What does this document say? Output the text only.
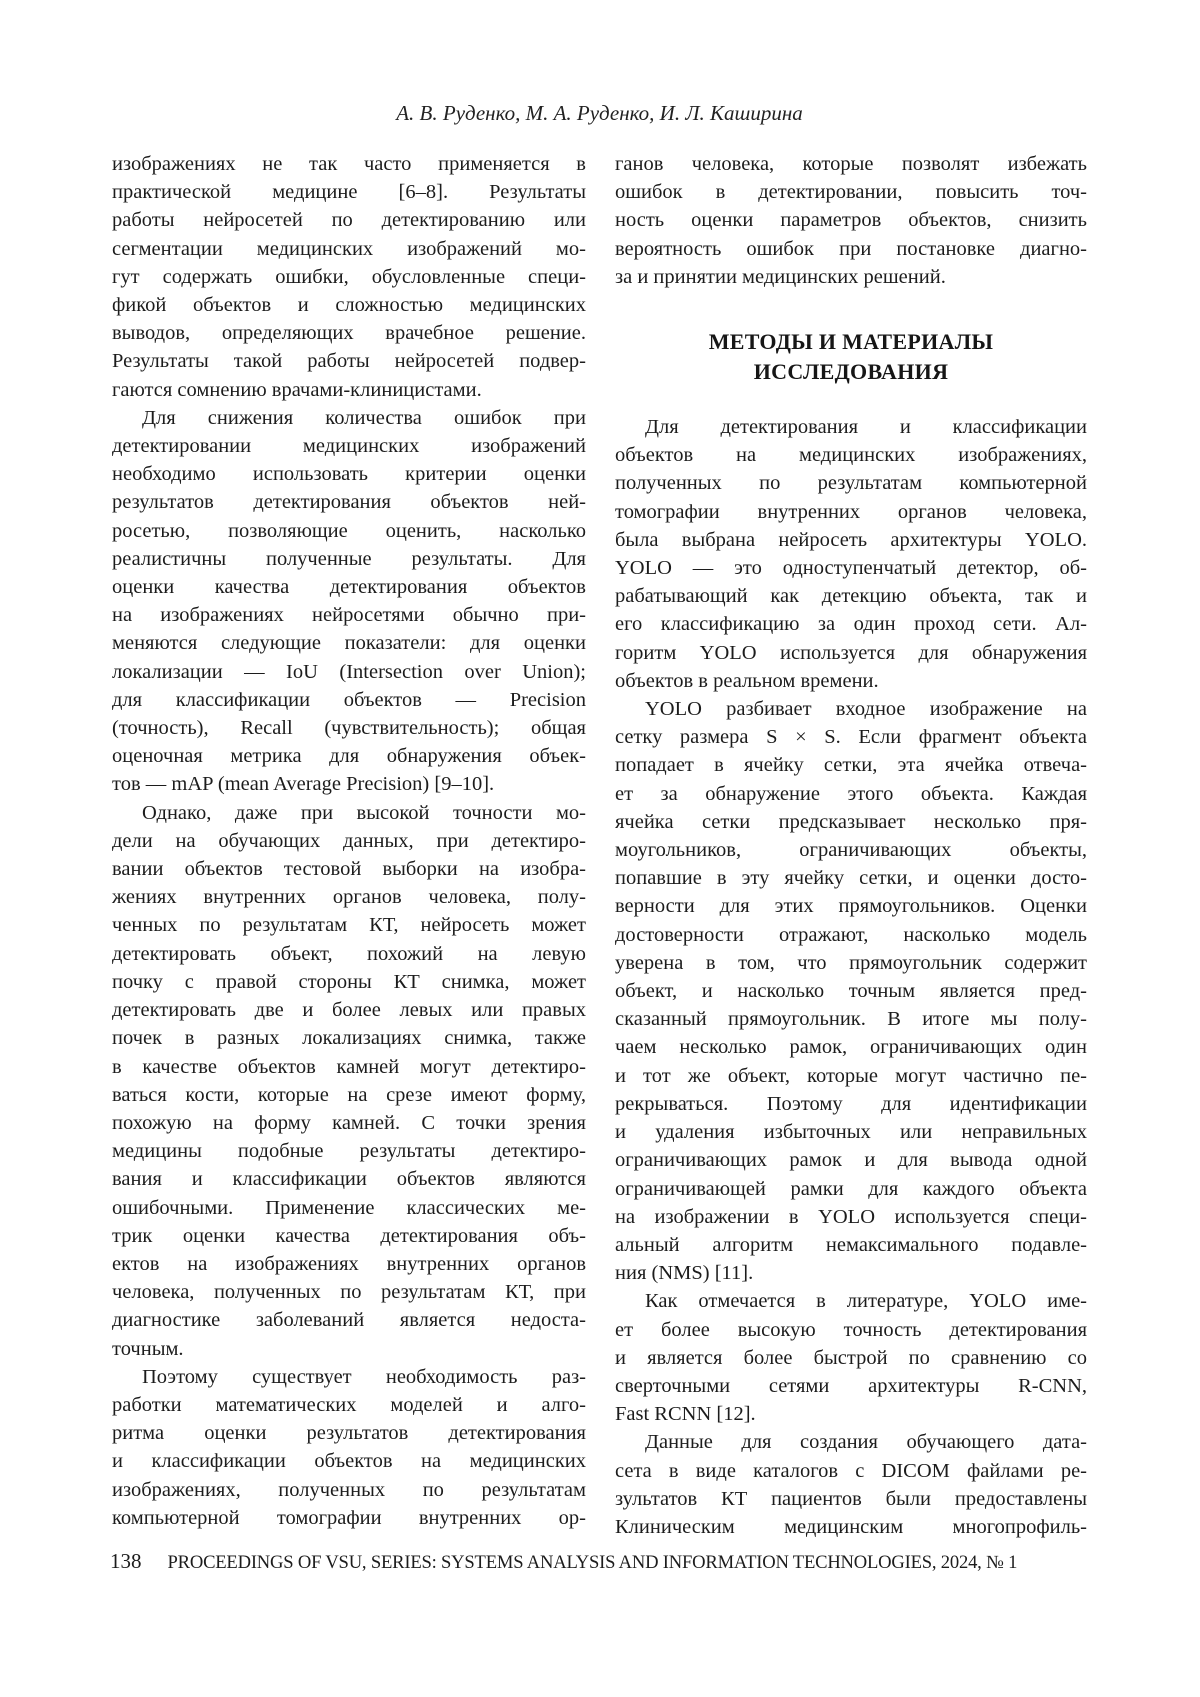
А. В. Руденко, М. А. Руденко, И. Л. Каширина
изображениях не так часто применяется в
практической медицине [6–8]. Результаты
работы нейросетей по детектированию или
сегментации медицинских изображений мо-
гут содержать ошибки, обусловленные специ-
фикой объектов и сложностью медицинских
выводов, определяющих врачебное решение.
Результаты такой работы нейросетей подвер-
гаются сомнению врачами-клиницистами.
Для снижения количества ошибок при
детектировании медицинских изображений
необходимо использовать критерии оценки
результатов детектирования объектов ней-
росетью, позволяющие оценить, насколько
реалистичны полученные результаты. Для
оценки качества детектирования объектов
на изображениях нейросетями обычно при-
меняются следующие показатели: для оценки
локализации — IoU (Intersection over Union);
для классификации объектов — Precision
(точность), Recall (чувствительность); общая
оценочная метрика для обнаружения объек-
тов — mAP (mean Average Precision) [9–10].
Однако, даже при высокой точности мо-
дели на обучающих данных, при детектиро-
вании объектов тестовой выборки на изобра-
жениях внутренних органов человека, полу-
ченных по результатам КТ, нейросеть может
детектировать объект, похожий на левую
почку с правой стороны КТ снимка, может
детектировать две и более левых или правых
почек в разных локализациях снимка, также
в качестве объектов камней могут детектиро-
ваться кости, которые на срезе имеют форму,
похожую на форму камней. С точки зрения
медицины подобные результаты детектиро-
вания и классификации объектов являются
ошибочными. Применение классических ме-
трик оценки качества детектирования объ-
ектов на изображениях внутренних органов
человека, полученных по результатам КТ, при
диагностике заболеваний является недоста-
точным.
Поэтому существует необходимость раз-
работки математических моделей и алго-
ритма оценки результатов детектирования
и классификации объектов на медицинских
изображениях, полученных по результатам
компьютерной томографии внутренних ор-
ганов человека, которые позволят избежать
ошибок в детектировании, повысить точ-
ность оценки параметров объектов, снизить
вероятность ошибок при постановке диагно-
за и принятии медицинских решений.
МЕТОДЫ И МАТЕРИАЛЫ
ИССЛЕДОВАНИЯ
Для детектирования и классификации
объектов на медицинских изображениях,
полученных по результатам компьютерной
томографии внутренних органов человека,
была выбрана нейросеть архитектуры YOLO.
YOLO — это одноступенчатый детектор, об-
рабатывающий как детекцию объекта, так и
его классификацию за один проход сети. Ал-
горитм YOLO используется для обнаружения
объектов в реальном времени.
YOLO разбивает входное изображение на
сетку размера S × S. Если фрагмент объекта
попадает в ячейку сетки, эта ячейка отвеча-
ет за обнаружение этого объекта. Каждая
ячейка сетки предсказывает несколько пря-
моугольников, ограничивающих объекты,
попавшие в эту ячейку сетки, и оценки досто-
верности для этих прямоугольников. Оценки
достоверности отражают, насколько модель
уверена в том, что прямоугольник содержит
объект, и насколько точным является пред-
сказанный прямоугольник. В итоге мы полу-
чаем несколько рамок, ограничивающих один
и тот же объект, которые могут частично пе-
рекрываться. Поэтому для идентификации
и удаления избыточных или неправильных
ограничивающих рамок и для вывода одной
ограничивающей рамки для каждого объекта
на изображении в YOLO используется специ-
альный алгоритм немаксимального подавле-
ния (NMS) [11].
Как отмечается в литературе, YOLO име-
ет более высокую точность детектирования
и является более быстрой по сравнению со
сверточными сетями архитектуры R-CNN,
Fast RCNN [12].
Данные для создания обучающего дата-
сета в виде каталогов с DICOM файлами ре-
зультатов КТ пациентов были предоставлены
Клиническим медицинским многопрофиль-
138 PROCEEDINGS OF VSU, SERIES: SYSTEMS ANALYSIS AND INFORMATION TECHNOLOGIES, 2024, № 1
